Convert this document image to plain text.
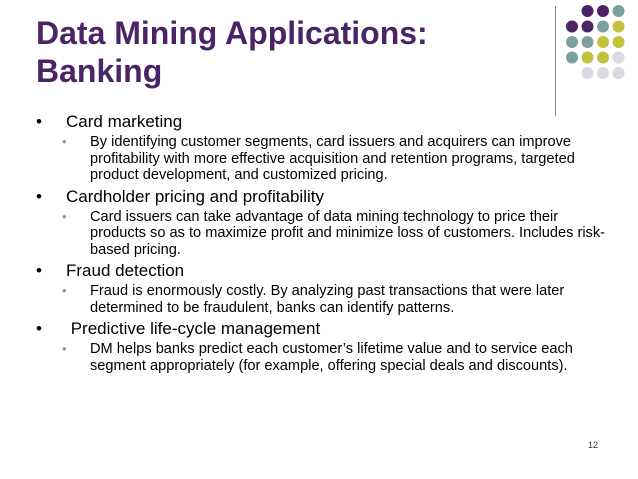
Data Mining Applications:
Banking
• Card marketing
• By identifying customer segments, card issuers and acquirers can improve profitability with more effective acquisition and retention programs, targeted product development, and customized pricing.
• Cardholder pricing and profitability
• Card issuers can take advantage of data mining technology to price their products so as to maximize profit and minimize loss of customers. Includes risk-based pricing.
• Fraud detection
• Fraud is enormously costly. By analyzing past transactions that were later determined to be fraudulent, banks can identify patterns.
• Predictive life-cycle management
• DM helps banks predict each customer’s lifetime value and to service each segment appropriately (for example, offering special deals and discounts).
12
